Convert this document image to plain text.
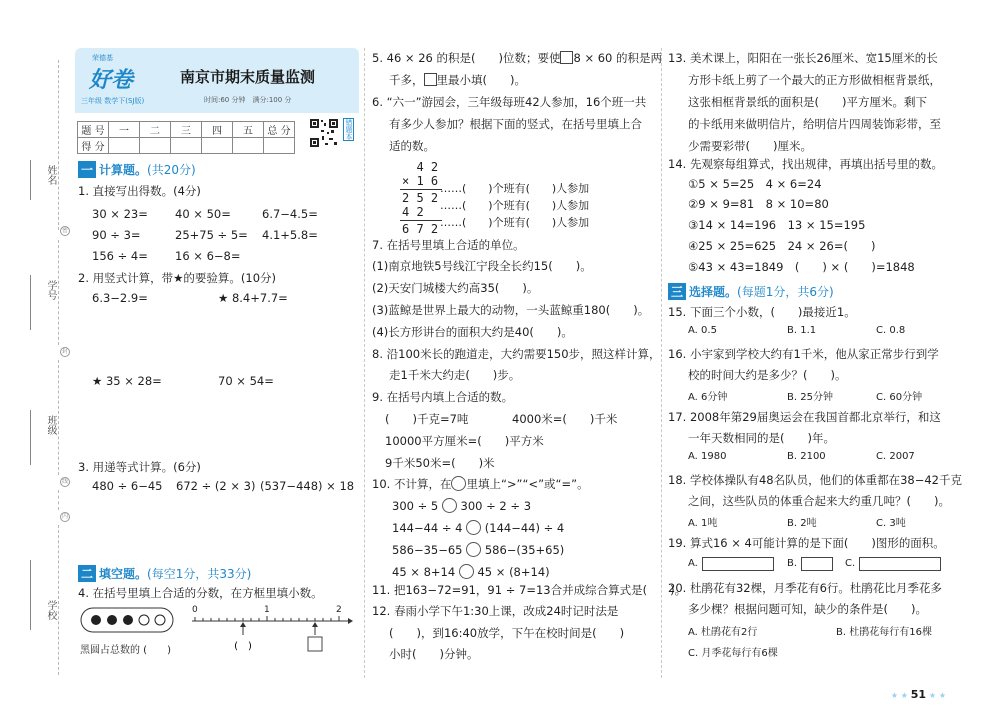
姓名
学号
班级
学校
密
封
线
内
荣德基
好卷
三年级 数学下(SJ版)
南京市期末质量监测
时间:60 分钟　满分:100 分
题 号	一	二	三	四	五	总 分
得 分						
错题本
一 计算题。(共20分)
1. 直接写出得数。(4分)
30 × 23= 40 × 50=	6.7−4.5=
90 ÷ 3=	25+75 ÷ 5= 4.1+5.8=
156 ÷ 4= 16 × 6−8=
2. 用竖式计算，带★的要验算。(10分)
6.3−2.9=	★ 8.4+7.7=
★ 35 × 28=	70 × 54=
3. 用递等式计算。(6分)
480 ÷ 6−45 672 ÷ (2 × 3) (537−448) × 18
二 填空题。(每空1分，共33分)
4. 在括号里填上合适的分数，在方框里填小数。
黑圆占总数的 (　　)	(　)
0	1	2
5. 46 × 26 的积是(　　)位数；要使 8 × 60 的积是两
千多， 里最小填(　　)。
6. “六一”游园会，三年级每班42人参加，16个班一共
有多少人参加？根据下面的竖式，在括号里填上合
适的数。
4 2
× 1 6
2 5 2
4 2
6 7 2
……(　　)个班有(　　)人参加
……(　　)个班有(　　)人参加
……(　　)个班有(　　)人参加
7. 在括号里填上合适的单位。
(1)南京地铁5号线江宁段全长约15(　　)。
(2)天安门城楼大约高35(　　)。
(3)蓝鲸是世界上最大的动物，一头蓝鲸重180(　　)。
(4)长方形讲台的面积大约是40(　　)。
8. 沿100米长的跑道走，大约需要150步，照这样计算，
走1千米大约走(　　)步。
9. 在括号内填上合适的数。
(　　)千克=7吨	4000米=(　　)千米
10000平方厘米=(　　)平方米
9千米50米=(　　)米
10. 不计算，在 里填上“>”“<”或“=”。
300 ÷ 5 300 ÷ 2 ÷ 3
144−44 ÷ 4 (144−44) ÷ 4
586−35−65 586−(35+65)
45 × 8+14 45 × (8+14)
11. 把163−72=91，91 ÷ 7=13合并成综合算式是(　　)。
12. 春雨小学下午1:30上课，改成24时记时法是
(　　)，到16:40放学，下午在校时间是(　　)
小时(　　)分钟。
13. 美术课上，阳阳在一张长26厘米、宽15厘米的长
方形卡纸上剪了一个最大的正方形做相框背景纸，
这张相框背景纸的面积是(　　)平方厘米。剩下
的卡纸用来做明信片，给明信片四周装饰彩带，至
少需要彩带(　　)厘米。
14. 先观察每组算式，找出规律，再填出括号里的数。
①5 × 5=25　4 × 6=24
②9 × 9=81　8 × 10=80
③14 × 14=196　13 × 15=195
④25 × 25=625　24 × 26=(　　)
⑤43 × 43=1849　(　　) × (　　)=1848
三 选择题。(每题1分，共6分)
15. 下面三个小数，(　　)最接近1。
A. 0.5	B. 1.1	C. 0.8
16. 小宇家到学校大约有1千米，他从家正常步行到学
校的时间大约是多少？(　　)。
A. 6分钟	B. 25分钟	C. 60分钟
17. 2008年第29届奥运会在我国首都北京举行，和这
一年天数相同的是(　　)年。
A. 1980	B. 2100	C. 2007
18. 学校体操队有48名队员，他们的体重都在38−42千克
之间，这些队员的体重合起来大约重几吨？(　　)。
A. 1吨	B. 2吨	C. 3吨
19. 算式16 × 4可能计算的是下面(　　)图形的面积。
A.	B.	C.
20. 杜鹃花有32棵，月季花有6行。杜鹃花比月季花多
多少棵？根据问题可知，缺少的条件是(　　)。
A. 杜鹃花有2行	B. 杜鹃花每行有16棵
C. 月季花每行有6棵
★ ★ 51 ★ ★
